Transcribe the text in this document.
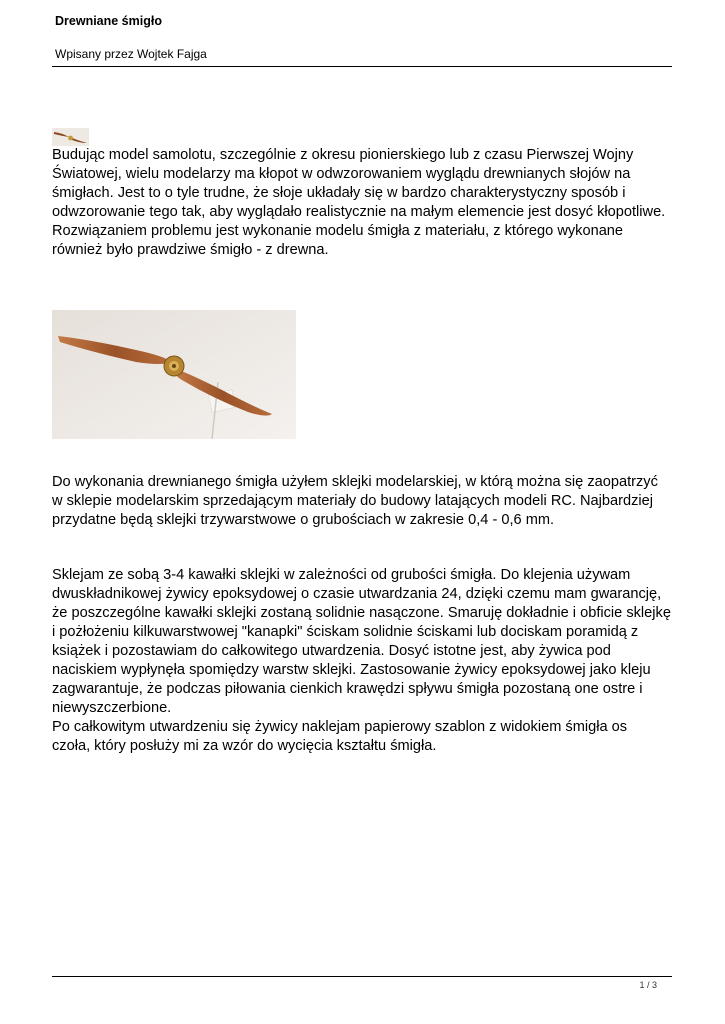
Drewniane śmigło
Wpisany przez Wojtek Fajga

Budując model samolotu, szczególnie z okresu pionierskiego lub z czasu Pierwszej Wojny
Światowej, wielu modelarzy ma kłopot w odwzorowaniem wyglądu drewnianych słojów na
śmigłach. Jest to o tyle trudne, że słoje układały się w bardzo charakterystyczny sposób i
odwzorowanie tego tak, aby wyglądało realistycznie na małym elemencie jest dosyć kłopotliwe.
Rozwiązaniem problemu jest wykonanie modelu śmigła z materiału, z którego wykonane
również było prawdziwe śmigło - z drewna.

Do wykonania drewnianego śmigła użyłem sklejki modelarskiej, w którą można się zaopatrzyć
w sklepie modelarskim sprzedającym materiały do budowy latających modeli RC. Najbardziej
przydatne będą sklejki trzywarstwowe o grubościach w zakresie 0,4 - 0,6 mm.

Sklejam ze sobą 3-4 kawałki sklejki w zależności od grubości śmigła. Do klejenia używam
dwuskładnikowej żywicy epoksydowej o czasie utwardzania 24, dzięki czemu mam gwarancję,
że poszczególne kawałki sklejki zostaną solidnie nasączone. Smaruję dokładnie i obficie sklejkę
i pożłożeniu kilkuwarstwowej "kanapki" ściskam solidnie ściskami lub dociskam poramidą z
książek i pozostawiam do całkowitego utwardzenia. Dosyć istotne jest, aby żywica pod
naciskiem wypłynęła spomiędzy warstw sklejki. Zastosowanie żywicy epoksydowej jako kleju
zagwarantuje, że podczas piłowania cienkich krawędzi spływu śmigła pozostaną one ostre i
niewyszczerbione.
Po całkowitym utwardzeniu się żywicy naklejam papierowy szablon z widokiem śmigła os
czoła, który posłuży mi za wzór do wycięcia kształtu śmigła.

1 / 3
